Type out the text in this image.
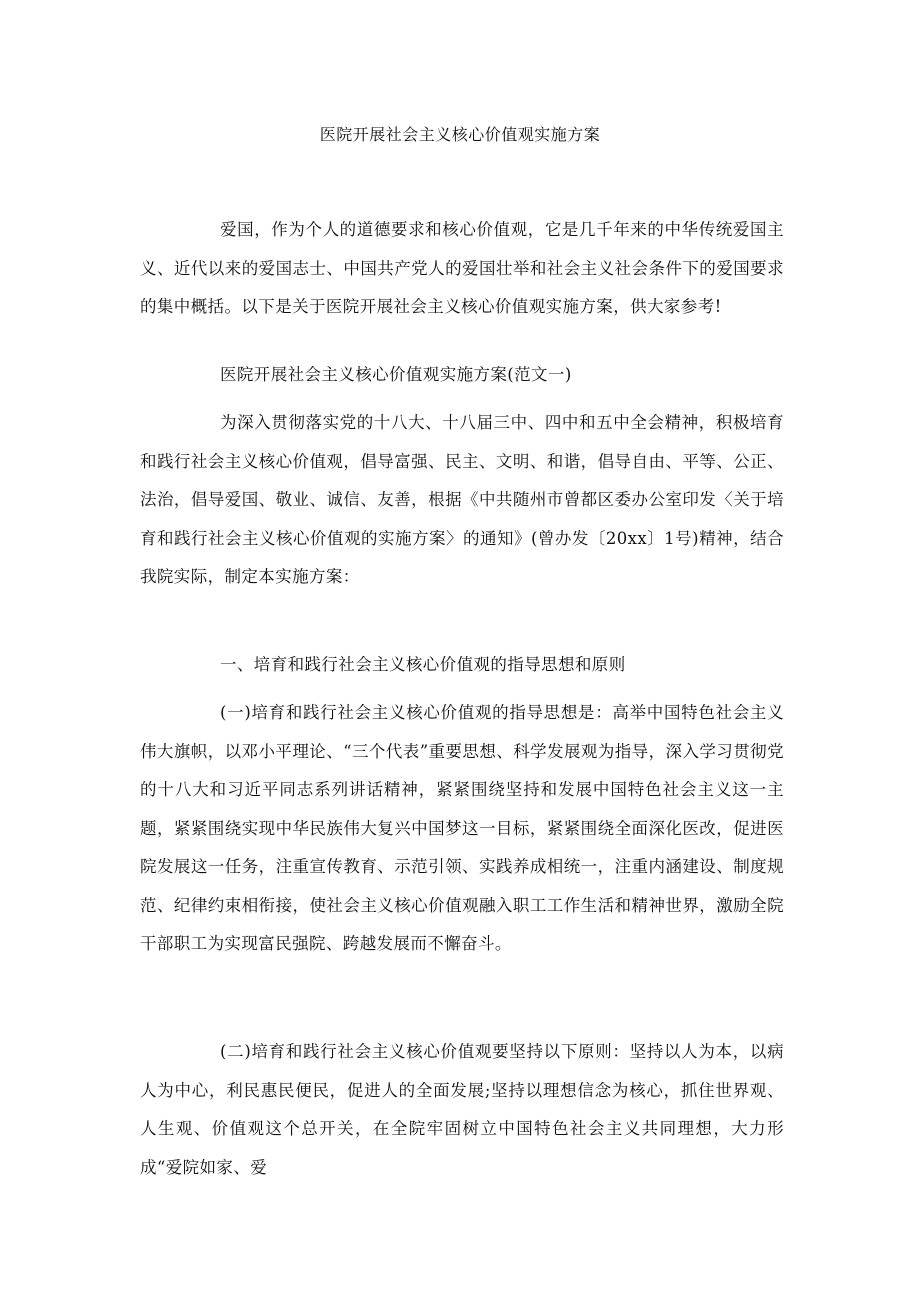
医院开展社会主义核心价值观实施方案

爱国，作为个人的道德要求和核心价值观，它是几千年来的中华传统爱国主义、近代以来的爱国志士、中国共产党人的爱国壮举和社会主义社会条件下的爱国要求的集中概括。以下是关于医院开展社会主义核心价值观实施方案，供大家参考!

医院开展社会主义核心价值观实施方案(范文一)

为深入贯彻落实党的十八大、十八届三中、四中和五中全会精神，积极培育和践行社会主义核心价值观，倡导富强、民主、文明、和谐，倡导自由、平等、公正、法治，倡导爱国、敬业、诚信、友善，根据《中共随州市曾都区委办公室印发〈关于培育和践行社会主义核心价值观的实施方案〉的通知》(曾办发〔20xx〕1号)精神，结合我院实际，制定本实施方案：

一、培育和践行社会主义核心价值观的指导思想和原则

(一)培育和践行社会主义核心价值观的指导思想是：高举中国特色社会主义伟大旗帜，以邓小平理论、“三个代表”重要思想、科学发展观为指导，深入学习贯彻党的十八大和习近平同志系列讲话精神，紧紧围绕坚持和发展中国特色社会主义这一主题，紧紧围绕实现中华民族伟大复兴中国梦这一目标，紧紧围绕全面深化医改，促进医院发展这一任务，注重宣传教育、示范引领、实践养成相统一，注重内涵建设、制度规范、纪律约束相衔接，使社会主义核心价值观融入职工工作生活和精神世界，激励全院干部职工为实现富民强院、跨越发展而不懈奋斗。

(二)培育和践行社会主义核心价值观要坚持以下原则：坚持以人为本，以病人为中心，利民惠民便民，促进人的全面发展;坚持以理想信念为核心，抓住世界观、人生观、价值观这个总开关，在全院牢固树立中国特色社会主义共同理想，大力形成“爱院如家、爱
